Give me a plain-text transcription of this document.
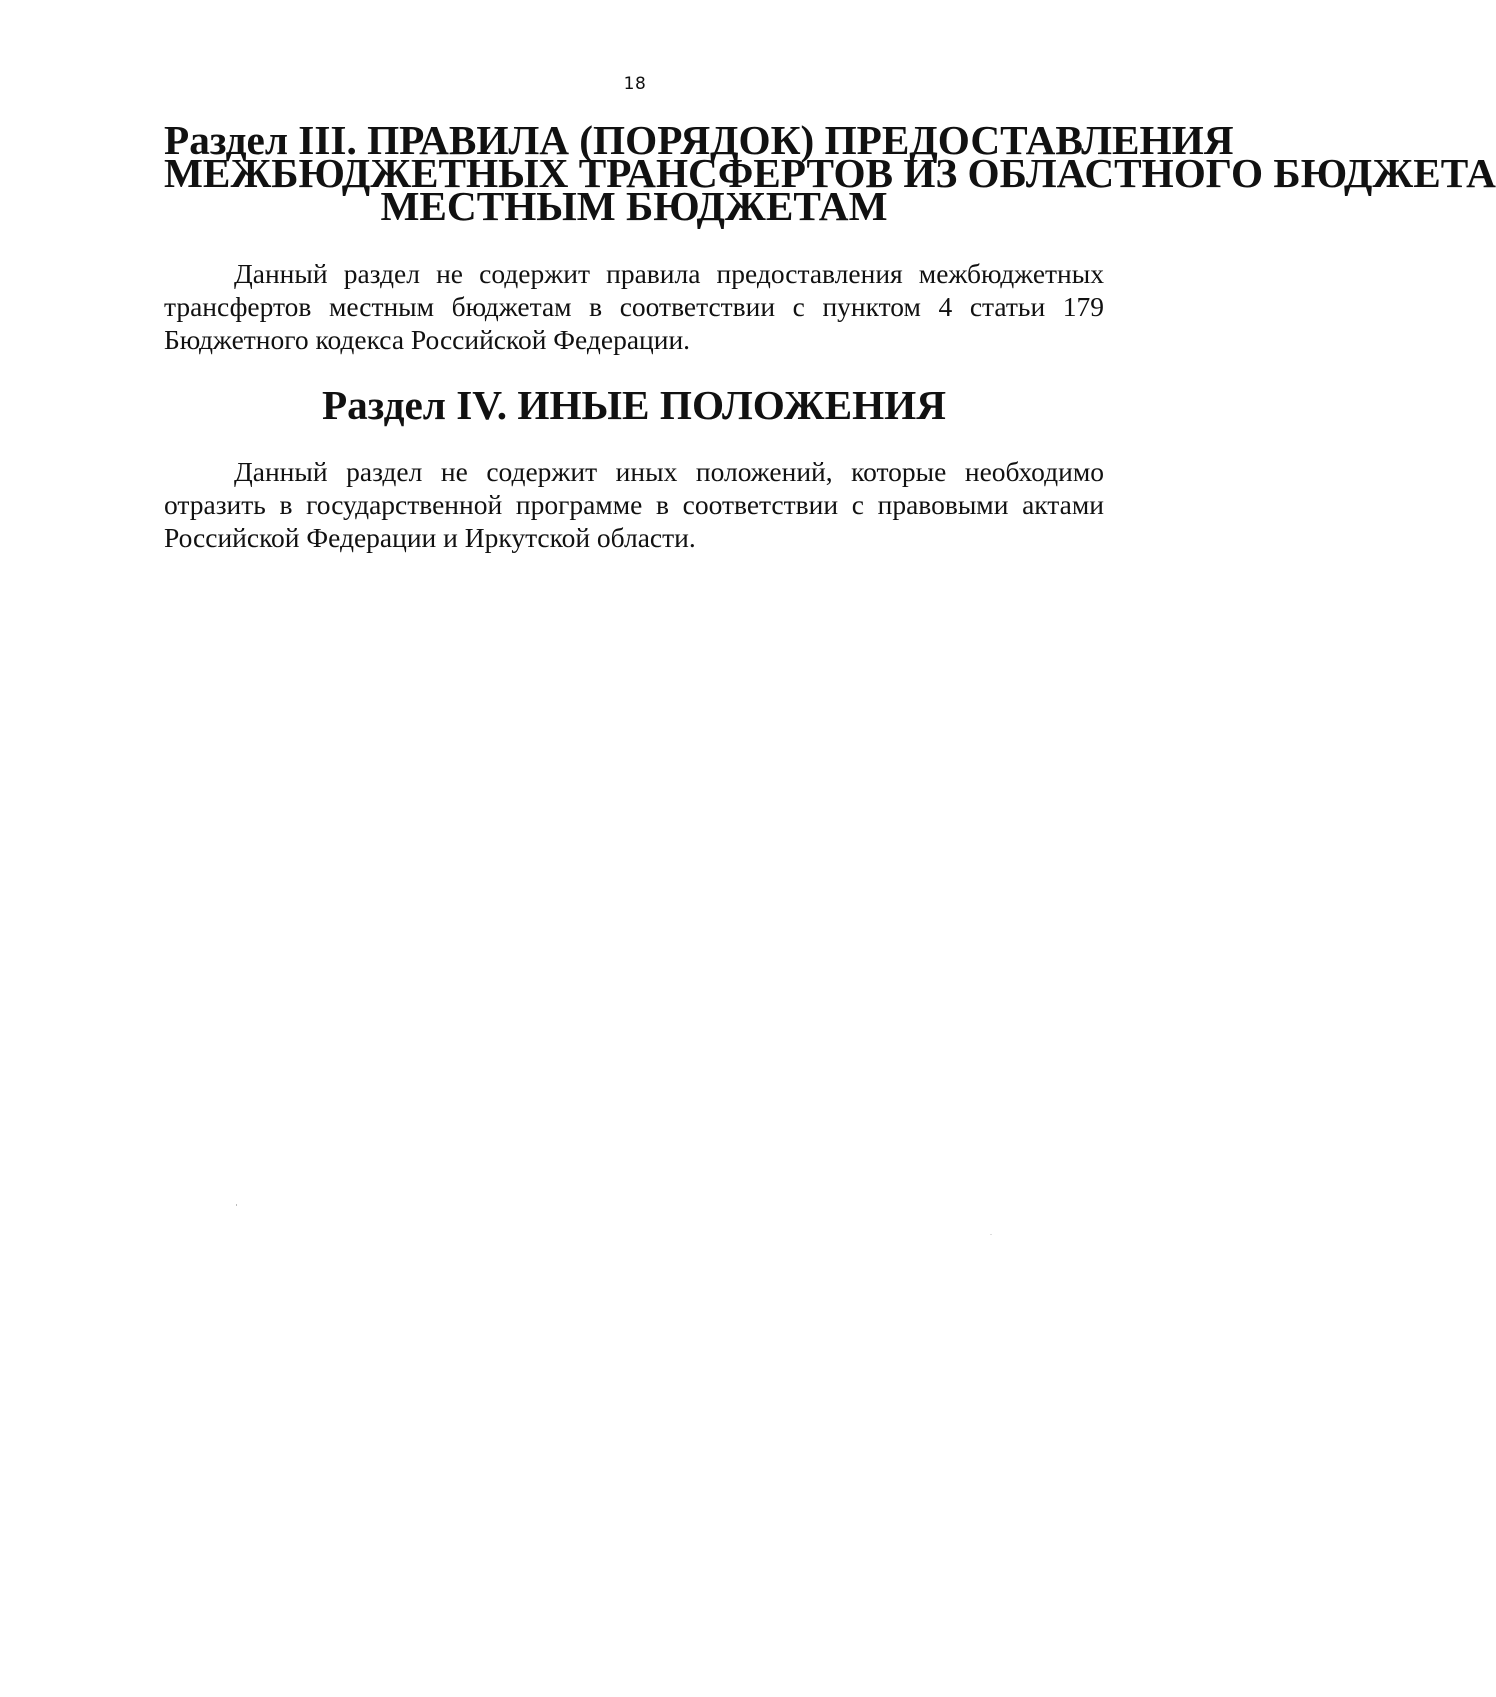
18
Раздел III. ПРАВИЛА (ПОРЯДОК) ПРЕДОСТАВЛЕНИЯ
МЕЖБЮДЖЕТНЫХ ТРАНСФЕРТОВ ИЗ ОБЛАСТНОГО БЮДЖЕТА
МЕСТНЫМ БЮДЖЕТАМ

Данный раздел не содержит правила предоставления межбюджетных трансфертов местным бюджетам в соответствии с пунктом 4 статьи 179 Бюджетного кодекса Российской Федерации.

Раздел IV. ИНЫЕ ПОЛОЖЕНИЯ

Данный раздел не содержит иных положений, которые необходимо отразить в государственной программе в соответствии с правовыми актами Российской Федерации и Иркутской области.
